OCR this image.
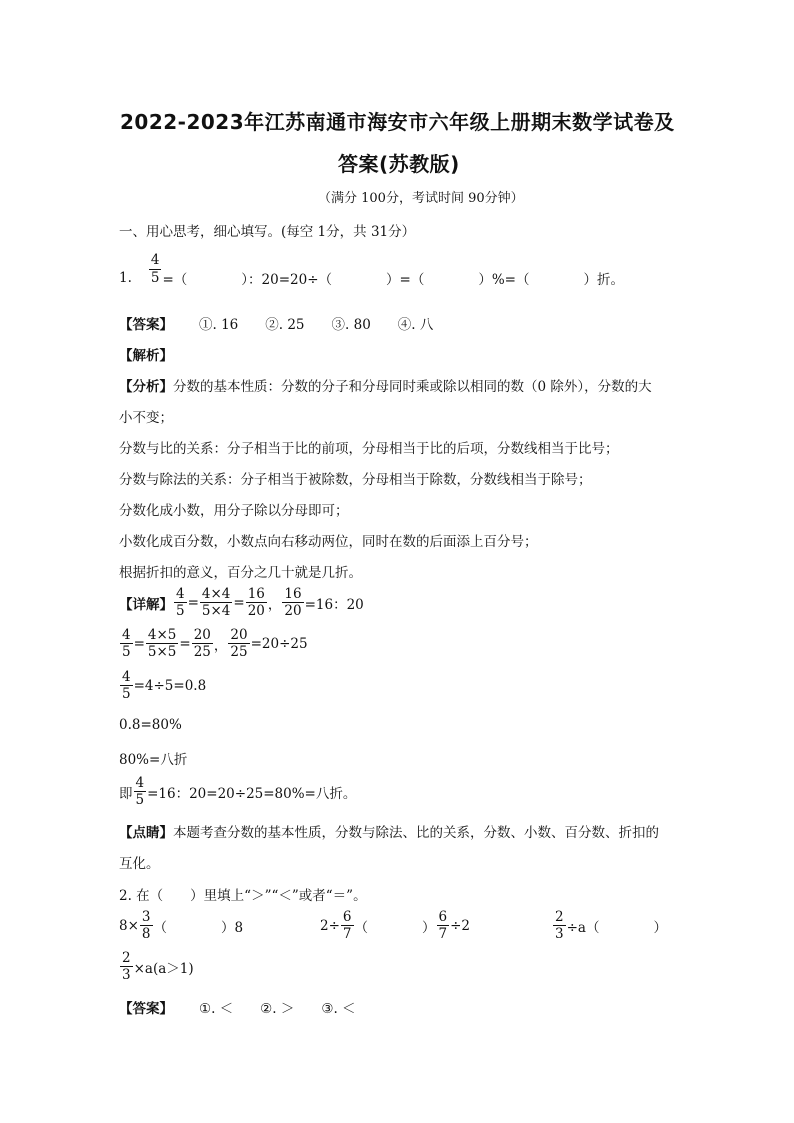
2022-2023年江苏南通市海安市六年级上册期末数学试卷及
答案(苏教版)
（满分 100分，考试时间 90分钟）
一、用心思考，细心填写。(每空 1分，共 31分）
1. $\frac{4}{5}$ =（　　　　）：20=20÷（　　　　）=（　　　　）%=（　　　　）折。
【答案】 ①. 16　　②. 25　　③. 80　　④. 八
【解析】
【分析】分数的基本性质：分数的分子和分母同时乘或除以相同的数（0 除外），分数的大
小不变；
分数与比的关系：分子相当于比的前项，分母相当于比的后项，分数线相当于比号；
分数与除法的关系：分子相当于被除数，分母相当于除数，分数线相当于除号；
分数化成小数，用分子除以分母即可；
小数化成百分数，小数点向右移动两位，同时在数的后面添上百分号；
根据折扣的意义，百分之几十就是几折。
【详解】 $\frac{4}{5} = \frac{4\times 4}{5\times 4} = \frac{16}{20}$ ， $\frac{16}{20} =16$：20
$\frac{4}{5} = \frac{4\times 5}{5\times 5} = \frac{20}{25}$ ， $\frac{20}{25} =20\div 25$
$\frac{4}{5} =4\div 5=0.8$
0.8=80%
80%=八折
即 $\frac{4}{5} =16$：20=20÷25=80%=八折。
【点睛】本题考查分数的基本性质，分数与除法、比的关系，分数、小数、百分数、折扣的
互化。
2. 在（　　）里填上“＞”“＜”或者“＝”。
$8\times \frac{3}{8}$ （　　　　）8	$2\div \frac{6}{7}$ （　　　　） $\frac{6}{7} \div 2$	$\frac{2}{3} \div a$（　　　　）
$\frac{2}{3} \times a(a>1)$
【答案】 ①. ＜　　②. ＞　　③. ＜
